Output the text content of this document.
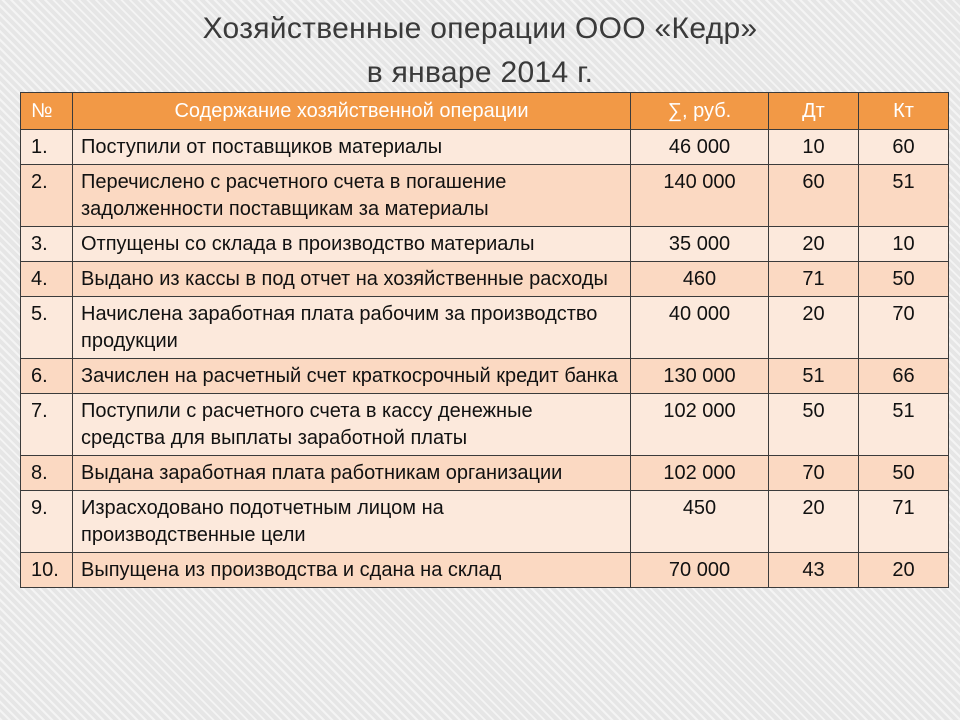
Хозяйственные операции ООО «Кедр»
в январе 2014 г.
№	Содержание хозяйственной операции	∑, руб.	Дт	Кт
1.	Поступили от поставщиков материалы	46 000	10	60
2.	Перечислено с расчетного счета в погашение задолженности поставщикам за материалы	140 000	60	51
3.	Отпущены со склада в производство материалы	35 000	20	10
4.	Выдано из кассы в под отчет на хозяйственные расходы	460	71	50
5.	Начислена заработная плата рабочим за производство продукции	40 000	20	70
6.	Зачислен на расчетный счет краткосрочный кредит банка	130 000	51	66
7.	Поступили с расчетного счета в кассу денежные средства для выплаты заработной платы	102 000	50	51
8.	Выдана заработная плата работникам организации	102 000	70	50
9.	Израсходовано подотчетным лицом на производственные цели	450	20	71
10.	Выпущена из производства и сдана на склад	70 000	43	20
